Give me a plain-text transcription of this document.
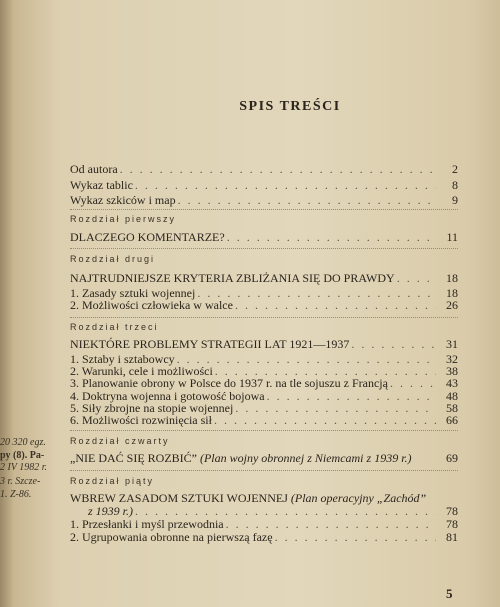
SPIS TREŚCI
Od autora . . .	2
Wykaz tablic . . .	8
Wykaz szkiców i map . . .	9
Rozdział pierwszy
DLACZEGO KOMENTARZE? . . .	11
Rozdział drugi
NAJTRUDNIEJSZE KRYTERIA ZBLIŻANIA SIĘ DO PRAWDY . . .	18
1. Zasady sztuki wojennej . . .	18
2. Możliwości człowieka w walce . . .	26
Rozdział trzeci
NIEKTÓRE PROBLEMY STRATEGII LAT 1921—1937 . . .	31
1. Sztaby i sztabowcy . . .	32
2. Warunki, cele i możliwości . . .	38
3. Planowanie obrony w Polsce do 1937 r. na tle sojuszu z Francją . . .	43
4. Doktryna wojenna i gotowość bojowa . . .	48
5. Siły zbrojne na stopie wojennej . . .	58
6. Możliwości rozwinięcia sił . . .	66
Rozdział czwarty
„NIE DAĆ SIĘ ROZBIĆ” (Plan wojny obronnej z Niemcami z 1939 r.)	69
Rozdział piąty
WBREW ZASADOM SZTUKI WOJENNEJ (Plan operacyjny „Zachód”
z 1939 r.) . . .	78
1. Przesłanki i myśl przewodnia . . .	78
2. Ugrupowania obronne na pierwszą fazę . . .	81
20 320 egz.
py (8). Pa-
2 IV 1982 r.
3 r. Szcze-
1. Z-86.
5
